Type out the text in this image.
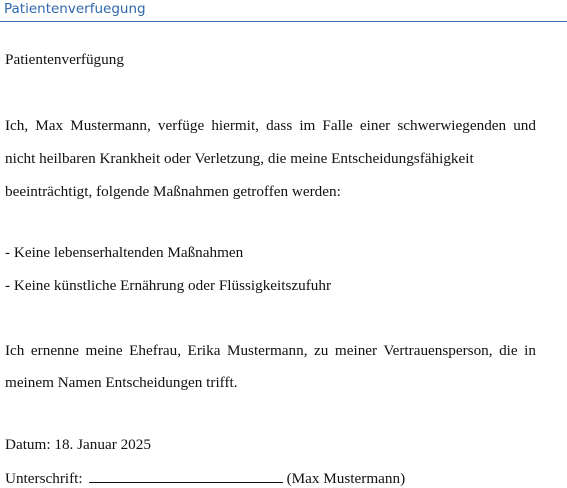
Patientenverfuegung
Patientenverfügung
Ich, Max Mustermann, verfüge hiermit, dass im Falle einer schwerwiegenden und
nicht heilbaren Krankheit oder Verletzung, die meine Entscheidungsfähigkeit
beeinträchtigt, folgende Maßnahmen getroffen werden:
- Keine lebenserhaltenden Maßnahmen
- Keine künstliche Ernährung oder Flüssigkeitszufuhr
Ich ernenne meine Ehefrau, Erika Mustermann, zu meiner Vertrauensperson, die in
meinem Namen Entscheidungen trifft.
Datum: 18. Januar 2025
Unterschrift:	(Max Mustermann)
